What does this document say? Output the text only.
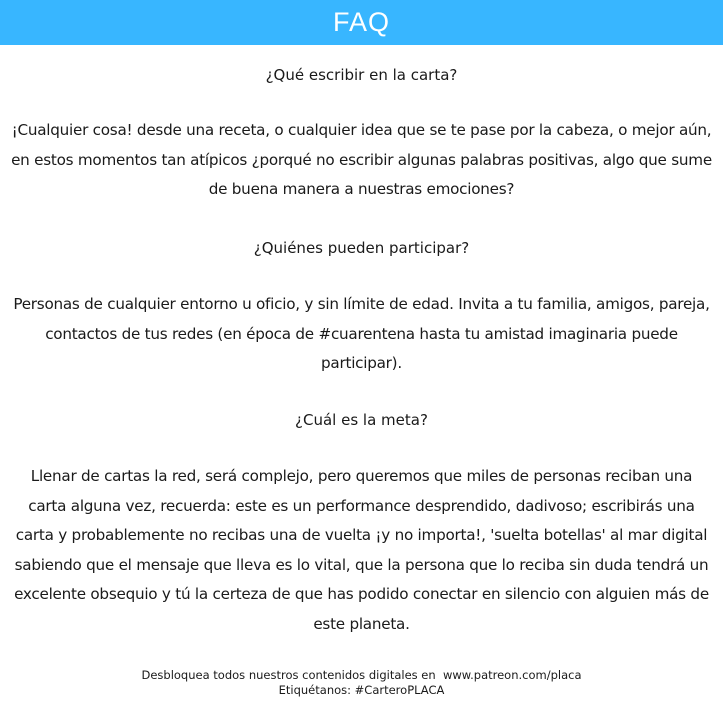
FAQ
¿Qué escribir en la carta?
¡Cualquier cosa! desde una receta, o cualquier idea que se te pase por la cabeza, o mejor aún, en estos momentos tan atípicos ¿porqué no escribir algunas palabras positivas, algo que sume de buena manera a nuestras emociones?
¿Quiénes pueden participar?
Personas de cualquier entorno u oficio, y sin límite de edad. Invita a tu familia, amigos, pareja, contactos de tus redes (en época de #cuarentena hasta tu amistad imaginaria puede participar).
¿Cuál es la meta?
Llenar de cartas la red, será complejo, pero queremos que miles de personas reciban una carta alguna vez, recuerda: este es un performance desprendido, dadivoso; escribirás una carta y probablemente no recibas una de vuelta ¡y no importa!, 'suelta botellas' al mar digital sabiendo que el mensaje que lleva es lo vital, que la persona que lo reciba sin duda tendrá un excelente obsequio y tú la certeza de que has podido conectar en silencio con alguien más de este planeta.
Desbloquea todos nuestros contenidos digitales en  www.patreon.com/placa
Etiquétanos: #CarteroPLACA
